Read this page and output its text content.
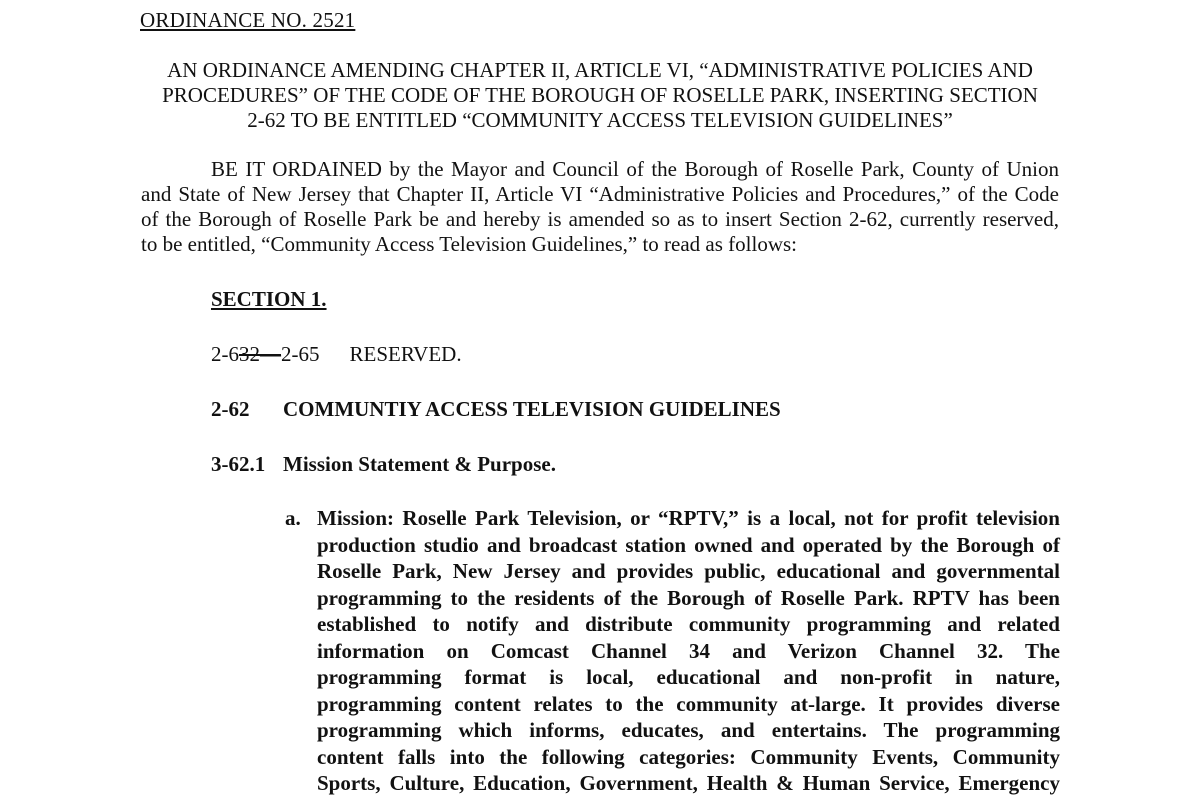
ORDINANCE NO. 2521
AN ORDINANCE AMENDING CHAPTER II, ARTICLE VI, “ADMINISTRATIVE POLICIES AND
PROCEDURES” OF THE CODE OF THE BOROUGH OF ROSELLE PARK, INSERTING SECTION
2-62 TO BE ENTITLED “COMMUNITY ACCESS TELEVISION GUIDELINES”
BE IT ORDAINED by the Mayor and Council of the Borough of Roselle Park, County of Union
and State of New Jersey that Chapter II, Article VI “Administrative Policies and Procedures,” of the Code
of the Borough of Roselle Park be and hereby is amended so as to insert Section 2-62, currently reserved,
to be entitled, “Community Access Television Guidelines,” to read as follows:
SECTION 1.
2-632—2-65 RESERVED.
2-62 COMMUNTIY ACCESS TELEVISION GUIDELINES
3-62.1 Mission Statement & Purpose.
a. Mission: Roselle Park Television, or “RPTV,” is a local, not for profit television
production studio and broadcast station owned and operated by the Borough of
Roselle Park, New Jersey and provides public, educational and governmental
programming to the residents of the Borough of Roselle Park. RPTV has been
established to notify and distribute community programming and related
information on Comcast Channel 34 and Verizon Channel 32. The
programming format is local, educational and non-profit in nature,
programming content relates to the community at-large. It provides diverse
programming which informs, educates, and entertains. The programming
content falls into the following categories: Community Events, Community
Sports, Culture, Education, Government, Health & Human Service, Emergency
